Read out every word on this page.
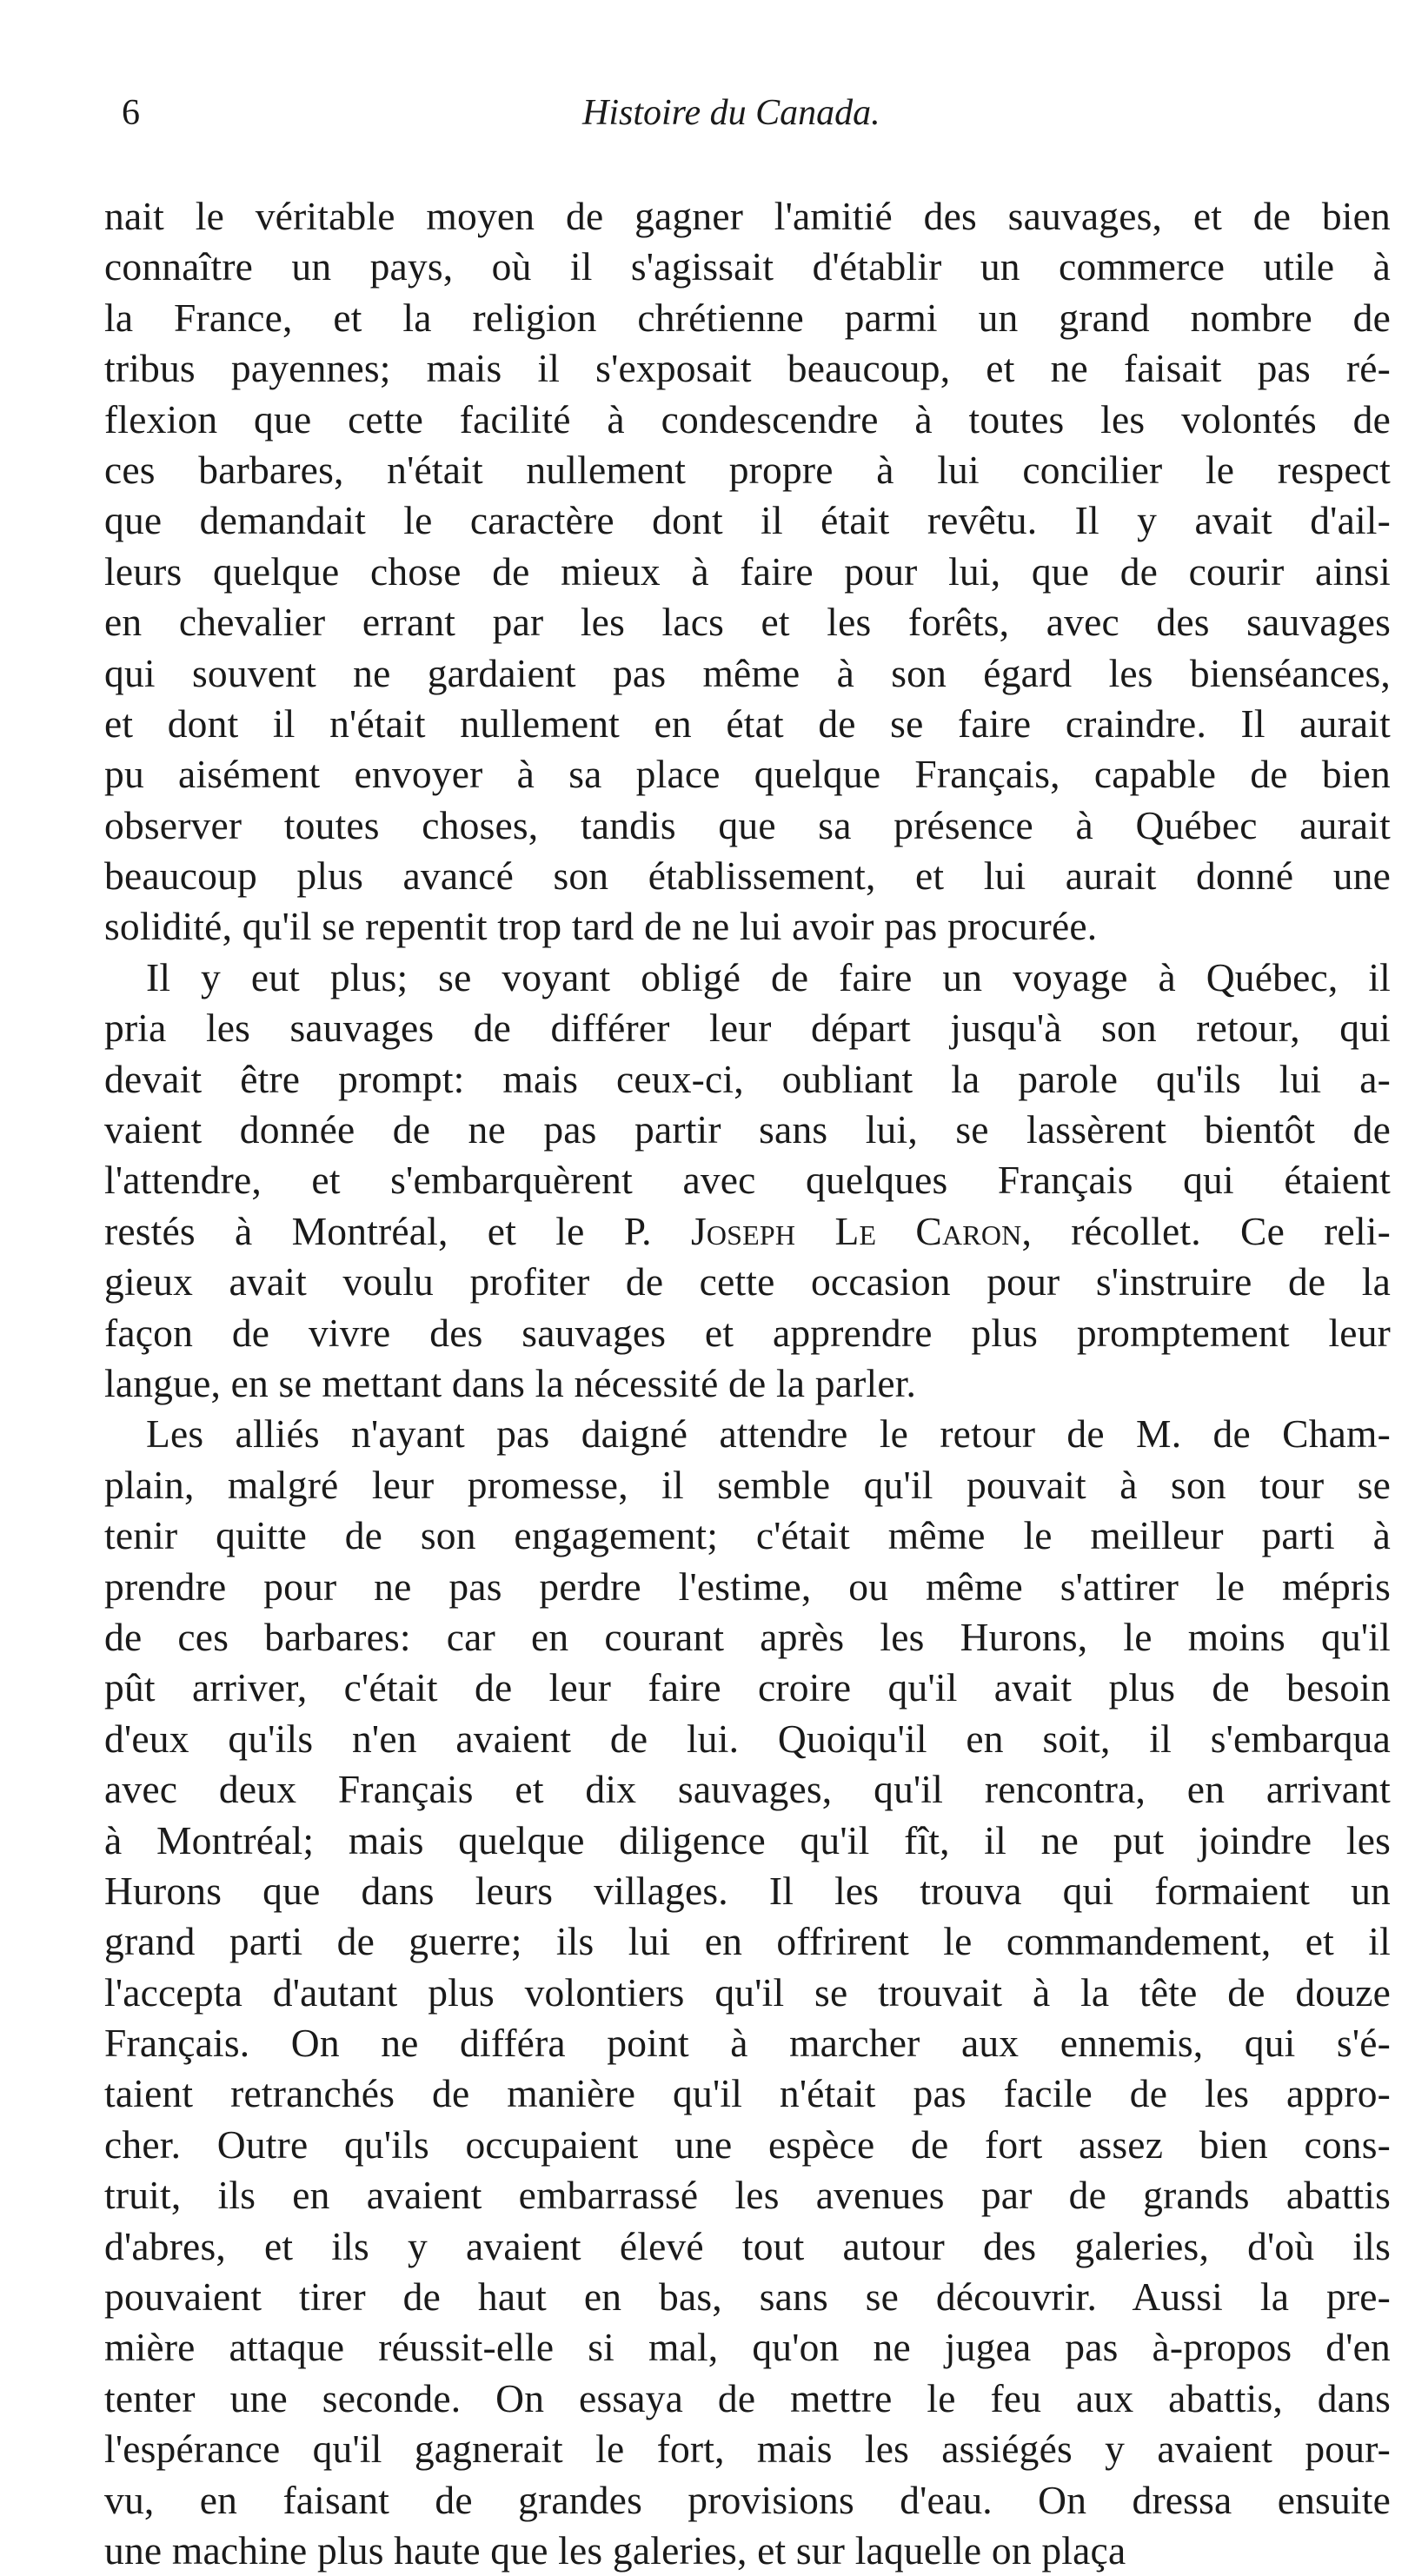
6	Histoire du Canada.
nait le véritable moyen de gagner l'amitié des sauvages, et de bien
connaître un pays, où il s'agissait d'établir un commerce utile à
la France, et la religion chrétienne parmi un grand nombre de
tribus payennes; mais il s'exposait beaucoup, et ne faisait pas ré-
flexion que cette facilité à condescendre à toutes les volontés de
ces barbares, n'était nullement propre à lui concilier le respect
que demandait le caractère dont il était revêtu. Il y avait d'ail-
leurs quelque chose de mieux à faire pour lui, que de courir ainsi
en chevalier errant par les lacs et les forêts, avec des sauvages
qui souvent ne gardaient pas même à son égard les bienséances,
et dont il n'était nullement en état de se faire craindre. Il aurait
pu aisément envoyer à sa place quelque Français, capable de bien
observer toutes choses, tandis que sa présence à Québec aurait
beaucoup plus avancé son établissement, et lui aurait donné une
solidité, qu'il se repentit trop tard de ne lui avoir pas procurée.
Il y eut plus; se voyant obligé de faire un voyage à Québec, il
pria les sauvages de différer leur départ jusqu'à son retour, qui
devait être prompt: mais ceux-ci, oubliant la parole qu'ils lui a-
vaient donnée de ne pas partir sans lui, se lassèrent bientôt de
l'attendre, et s'embarquèrent avec quelques Français qui étaient
restés à Montréal, et le P. Joseph Le Caron, récollet. Ce reli-
gieux avait voulu profiter de cette occasion pour s'instruire de la
façon de vivre des sauvages et apprendre plus promptement leur
langue, en se mettant dans la nécessité de la parler.
Les alliés n'ayant pas daigné attendre le retour de M. de Cham-
plain, malgré leur promesse, il semble qu'il pouvait à son tour se
tenir quitte de son engagement; c'était même le meilleur parti à
prendre pour ne pas perdre l'estime, ou même s'attirer le mépris
de ces barbares: car en courant après les Hurons, le moins qu'il
pût arriver, c'était de leur faire croire qu'il avait plus de besoin
d'eux qu'ils n'en avaient de lui. Quoiqu'il en soit, il s'embarqua
avec deux Français et dix sauvages, qu'il rencontra, en arrivant
à Montréal; mais quelque diligence qu'il fît, il ne put joindre les
Hurons que dans leurs villages. Il les trouva qui formaient un
grand parti de guerre; ils lui en offrirent le commandement, et il
l'accepta d'autant plus volontiers qu'il se trouvait à la tête de douze
Français. On ne différa point à marcher aux ennemis, qui s'é-
taient retranchés de manière qu'il n'était pas facile de les appro-
cher. Outre qu'ils occupaient une espèce de fort assez bien cons-
truit, ils en avaient embarrassé les avenues par de grands abattis
d'abres, et ils y avaient élevé tout autour des galeries, d'où ils
pouvaient tirer de haut en bas, sans se découvrir. Aussi la pre-
mière attaque réussit-elle si mal, qu'on ne jugea pas à-propos d'en
tenter une seconde. On essaya de mettre le feu aux abattis, dans
l'espérance qu'il gagnerait le fort, mais les assiégés y avaient pour-
vu, en faisant de grandes provisions d'eau. On dressa ensuite
une machine plus haute que les galeries, et sur laquelle on plaça
